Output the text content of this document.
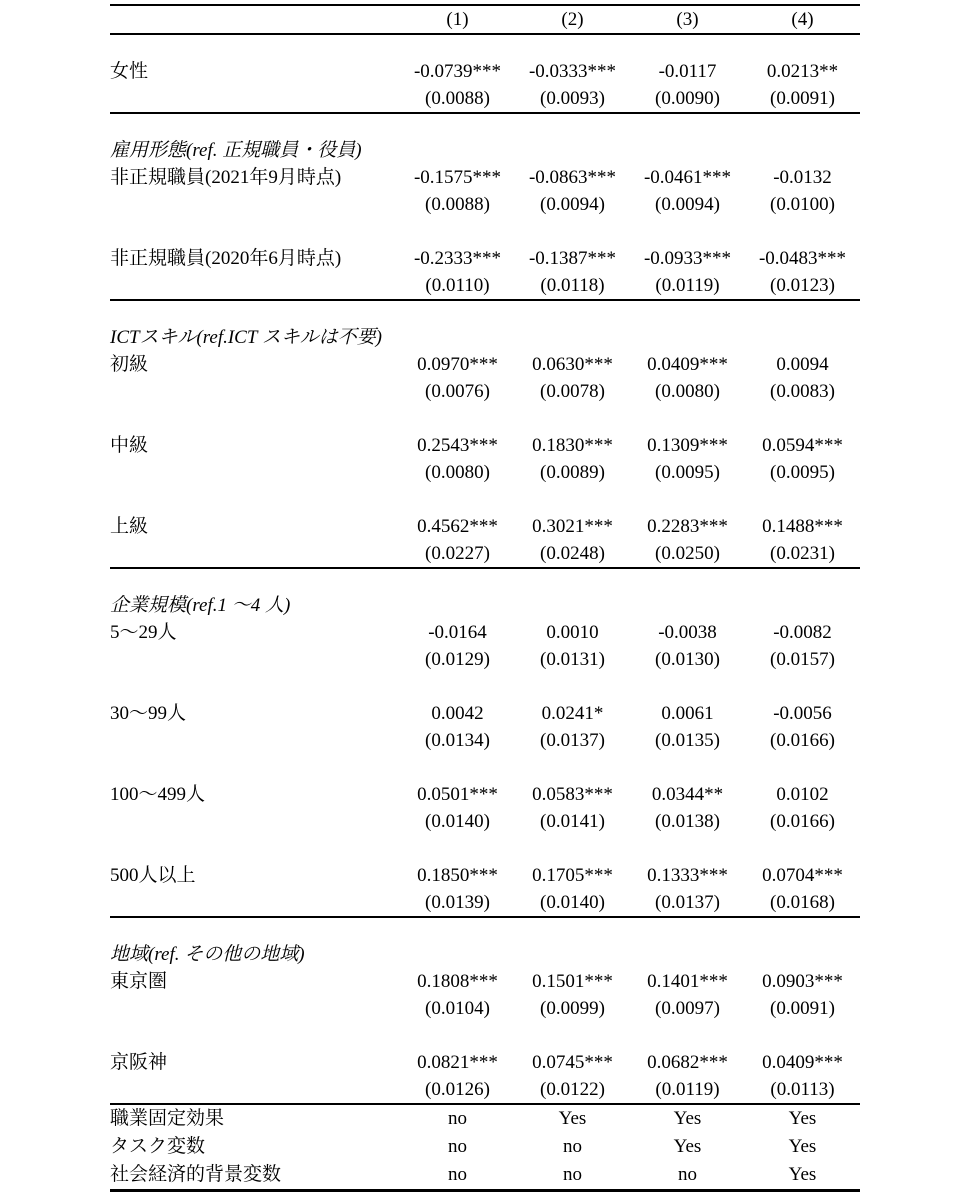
	(1)	(2)	(3)	(4)

女性	-0.0739***	-0.0333***	-0.0117	0.0213**
	(0.0088)	(0.0093)	(0.0090)	(0.0091)

雇用形態(ref. 正規職員・役員)				
非正規職員(2021年9月時点)	-0.1575***	-0.0863***	-0.0461***	-0.0132
	(0.0088)	(0.0094)	(0.0094)	(0.0100)

非正規職員(2020年6月時点)	-0.2333***	-0.1387***	-0.0933***	-0.0483***
	(0.0110)	(0.0118)	(0.0119)	(0.0123)

ICTスキル(ref.ICT スキルは不要)				
初級	0.0970***	0.0630***	0.0409***	0.0094
	(0.0076)	(0.0078)	(0.0080)	(0.0083)

中級	0.2543***	0.1830***	0.1309***	0.0594***
	(0.0080)	(0.0089)	(0.0095)	(0.0095)

上級	0.4562***	0.3021***	0.2283***	0.1488***
	(0.0227)	(0.0248)	(0.0250)	(0.0231)

企業規模(ref.1 ～4 人)				
5～29人	-0.0164	0.0010	-0.0038	-0.0082
	(0.0129)	(0.0131)	(0.0130)	(0.0157)

30～99人	0.0042	0.0241*	0.0061	-0.0056
	(0.0134)	(0.0137)	(0.0135)	(0.0166)

100～499人	0.0501***	0.0583***	0.0344**	0.0102
	(0.0140)	(0.0141)	(0.0138)	(0.0166)

500人以上	0.1850***	0.1705***	0.1333***	0.0704***
	(0.0139)	(0.0140)	(0.0137)	(0.0168)

地域(ref. その他の地域)				
東京圏	0.1808***	0.1501***	0.1401***	0.0903***
	(0.0104)	(0.0099)	(0.0097)	(0.0091)

京阪神	0.0821***	0.0745***	0.0682***	0.0409***
	(0.0126)	(0.0122)	(0.0119)	(0.0113)
職業固定効果	no	Yes	Yes	Yes
タスク変数	no	no	Yes	Yes
社会経済的背景変数	no	no	no	Yes
